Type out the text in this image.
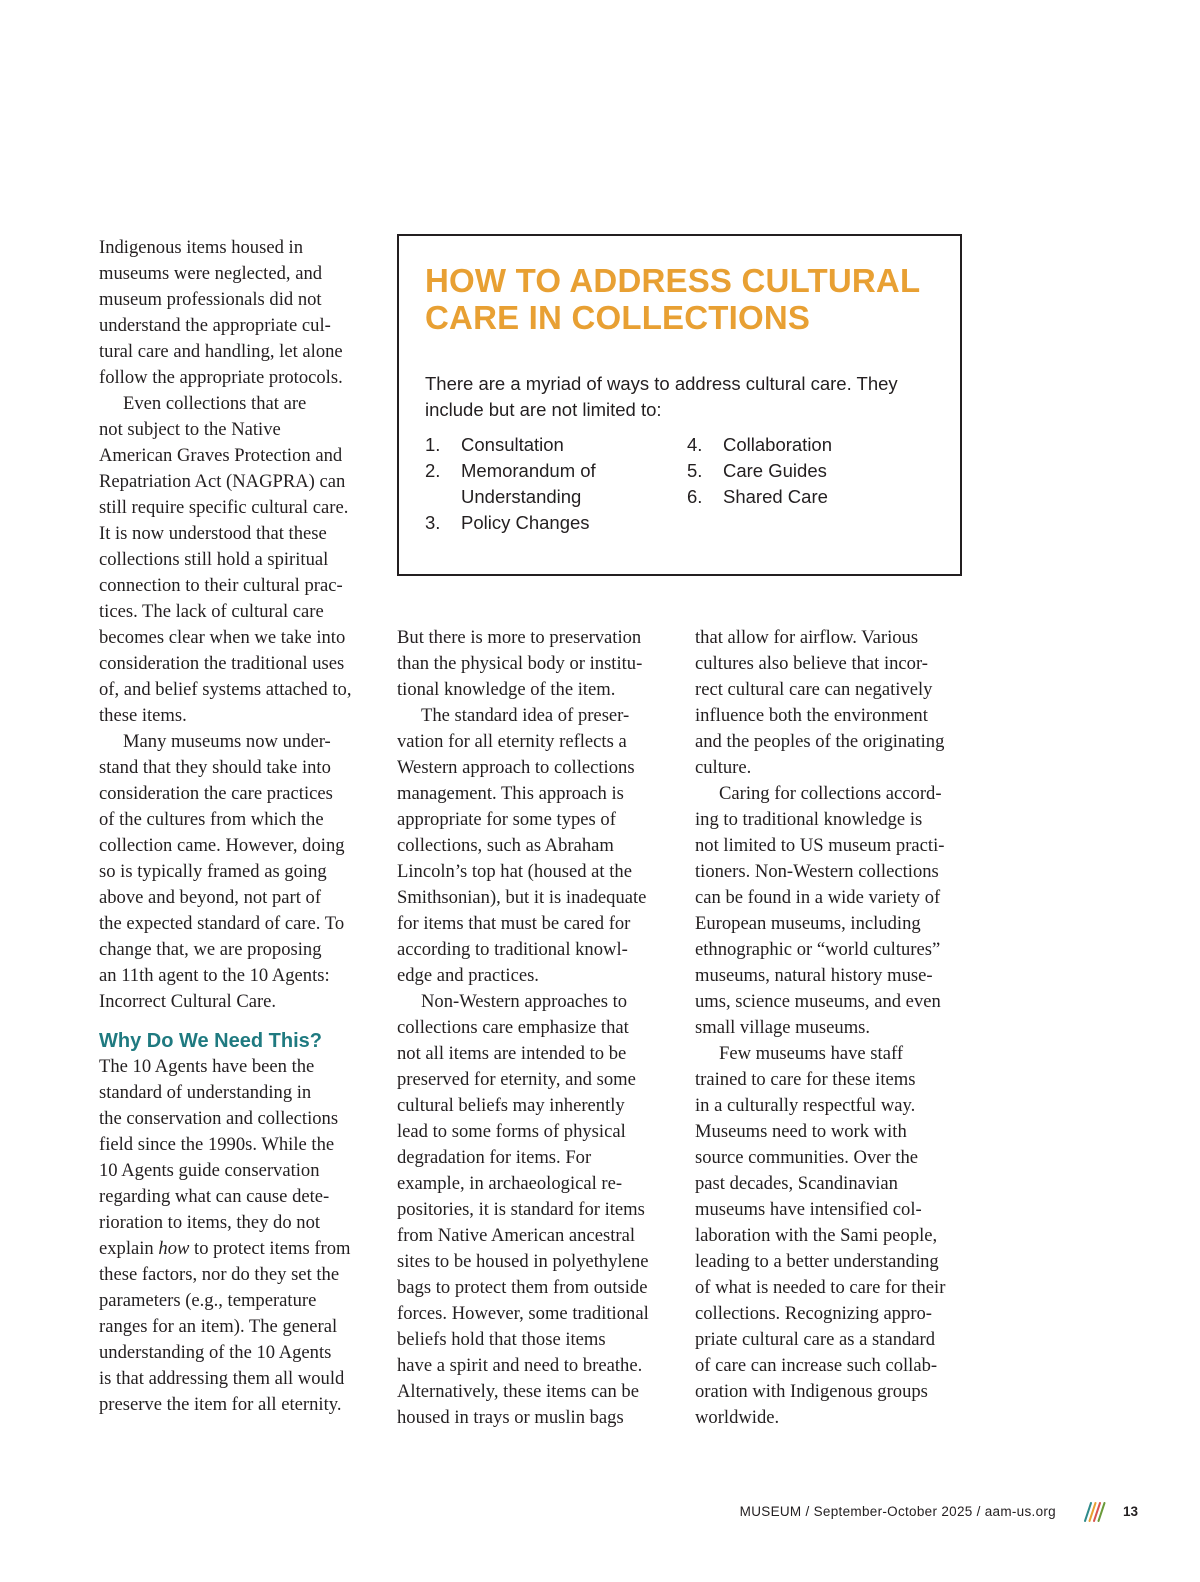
Indigenous items housed in
museums were neglected, and
museum professionals did not
understand the appropriate cul-
tural care and handling, let alone
follow the appropriate protocols.
Even collections that are
not subject to the Native
American Graves Protection and
Repatriation Act (NAGPRA) can
still require specific cultural care.
It is now understood that these
collections still hold a spiritual
connection to their cultural prac-
tices. The lack of cultural care
becomes clear when we take into
consideration the traditional uses
of, and belief systems attached to,
these items.
Many museums now under-
stand that they should take into
consideration the care practices
of the cultures from which the
collection came. However, doing
so is typically framed as going
above and beyond, not part of
the expected standard of care. To
change that, we are proposing
an 11th agent to the 10 Agents:
Incorrect Cultural Care.
Why Do We Need This?
The 10 Agents have been the
standard of understanding in
the conservation and collections
field since the 1990s. While the
10 Agents guide conservation
regarding what can cause dete-
rioration to items, they do not
explain how to protect items from
these factors, nor do they set the
parameters (e.g., temperature
ranges for an item). The general
understanding of the 10 Agents
is that addressing them all would
preserve the item for all eternity.
HOW TO ADDRESS CULTURAL
CARE IN COLLECTIONS
There are a myriad of ways to address cultural care. They
include but are not limited to:
1. Consultation
2. Memorandum of
Understanding
3. Policy Changes
4. Collaboration
5. Care Guides
6. Shared Care
But there is more to preservation
than the physical body or institu-
tional knowledge of the item.
The standard idea of preser-
vation for all eternity reflects a
Western approach to collections
management. This approach is
appropriate for some types of
collections, such as Abraham
Lincoln’s top hat (housed at the
Smithsonian), but it is inadequate
for items that must be cared for
according to traditional knowl-
edge and practices.
Non-Western approaches to
collections care emphasize that
not all items are intended to be
preserved for eternity, and some
cultural beliefs may inherently
lead to some forms of physical
degradation for items. For
example, in archaeological re-
positories, it is standard for items
from Native American ancestral
sites to be housed in polyethylene
bags to protect them from outside
forces. However, some traditional
beliefs hold that those items
have a spirit and need to breathe.
Alternatively, these items can be
housed in trays or muslin bags
that allow for airflow. Various
cultures also believe that incor-
rect cultural care can negatively
influence both the environment
and the peoples of the originating
culture.
Caring for collections accord-
ing to traditional knowledge is
not limited to US museum practi-
tioners. Non-Western collections
can be found in a wide variety of
European museums, including
ethnographic or “world cultures”
museums, natural history muse-
ums, science museums, and even
small village museums.
Few museums have staff
trained to care for these items
in a culturally respectful way.
Museums need to work with
source communities. Over the
past decades, Scandinavian
museums have intensified col-
laboration with the Sami people,
leading to a better understanding
of what is needed to care for their
collections. Recognizing appro-
priate cultural care as a standard
of care can increase such collab-
oration with Indigenous groups
worldwide.
MUSEUM / September-October 2025 / aam-us.org	13
